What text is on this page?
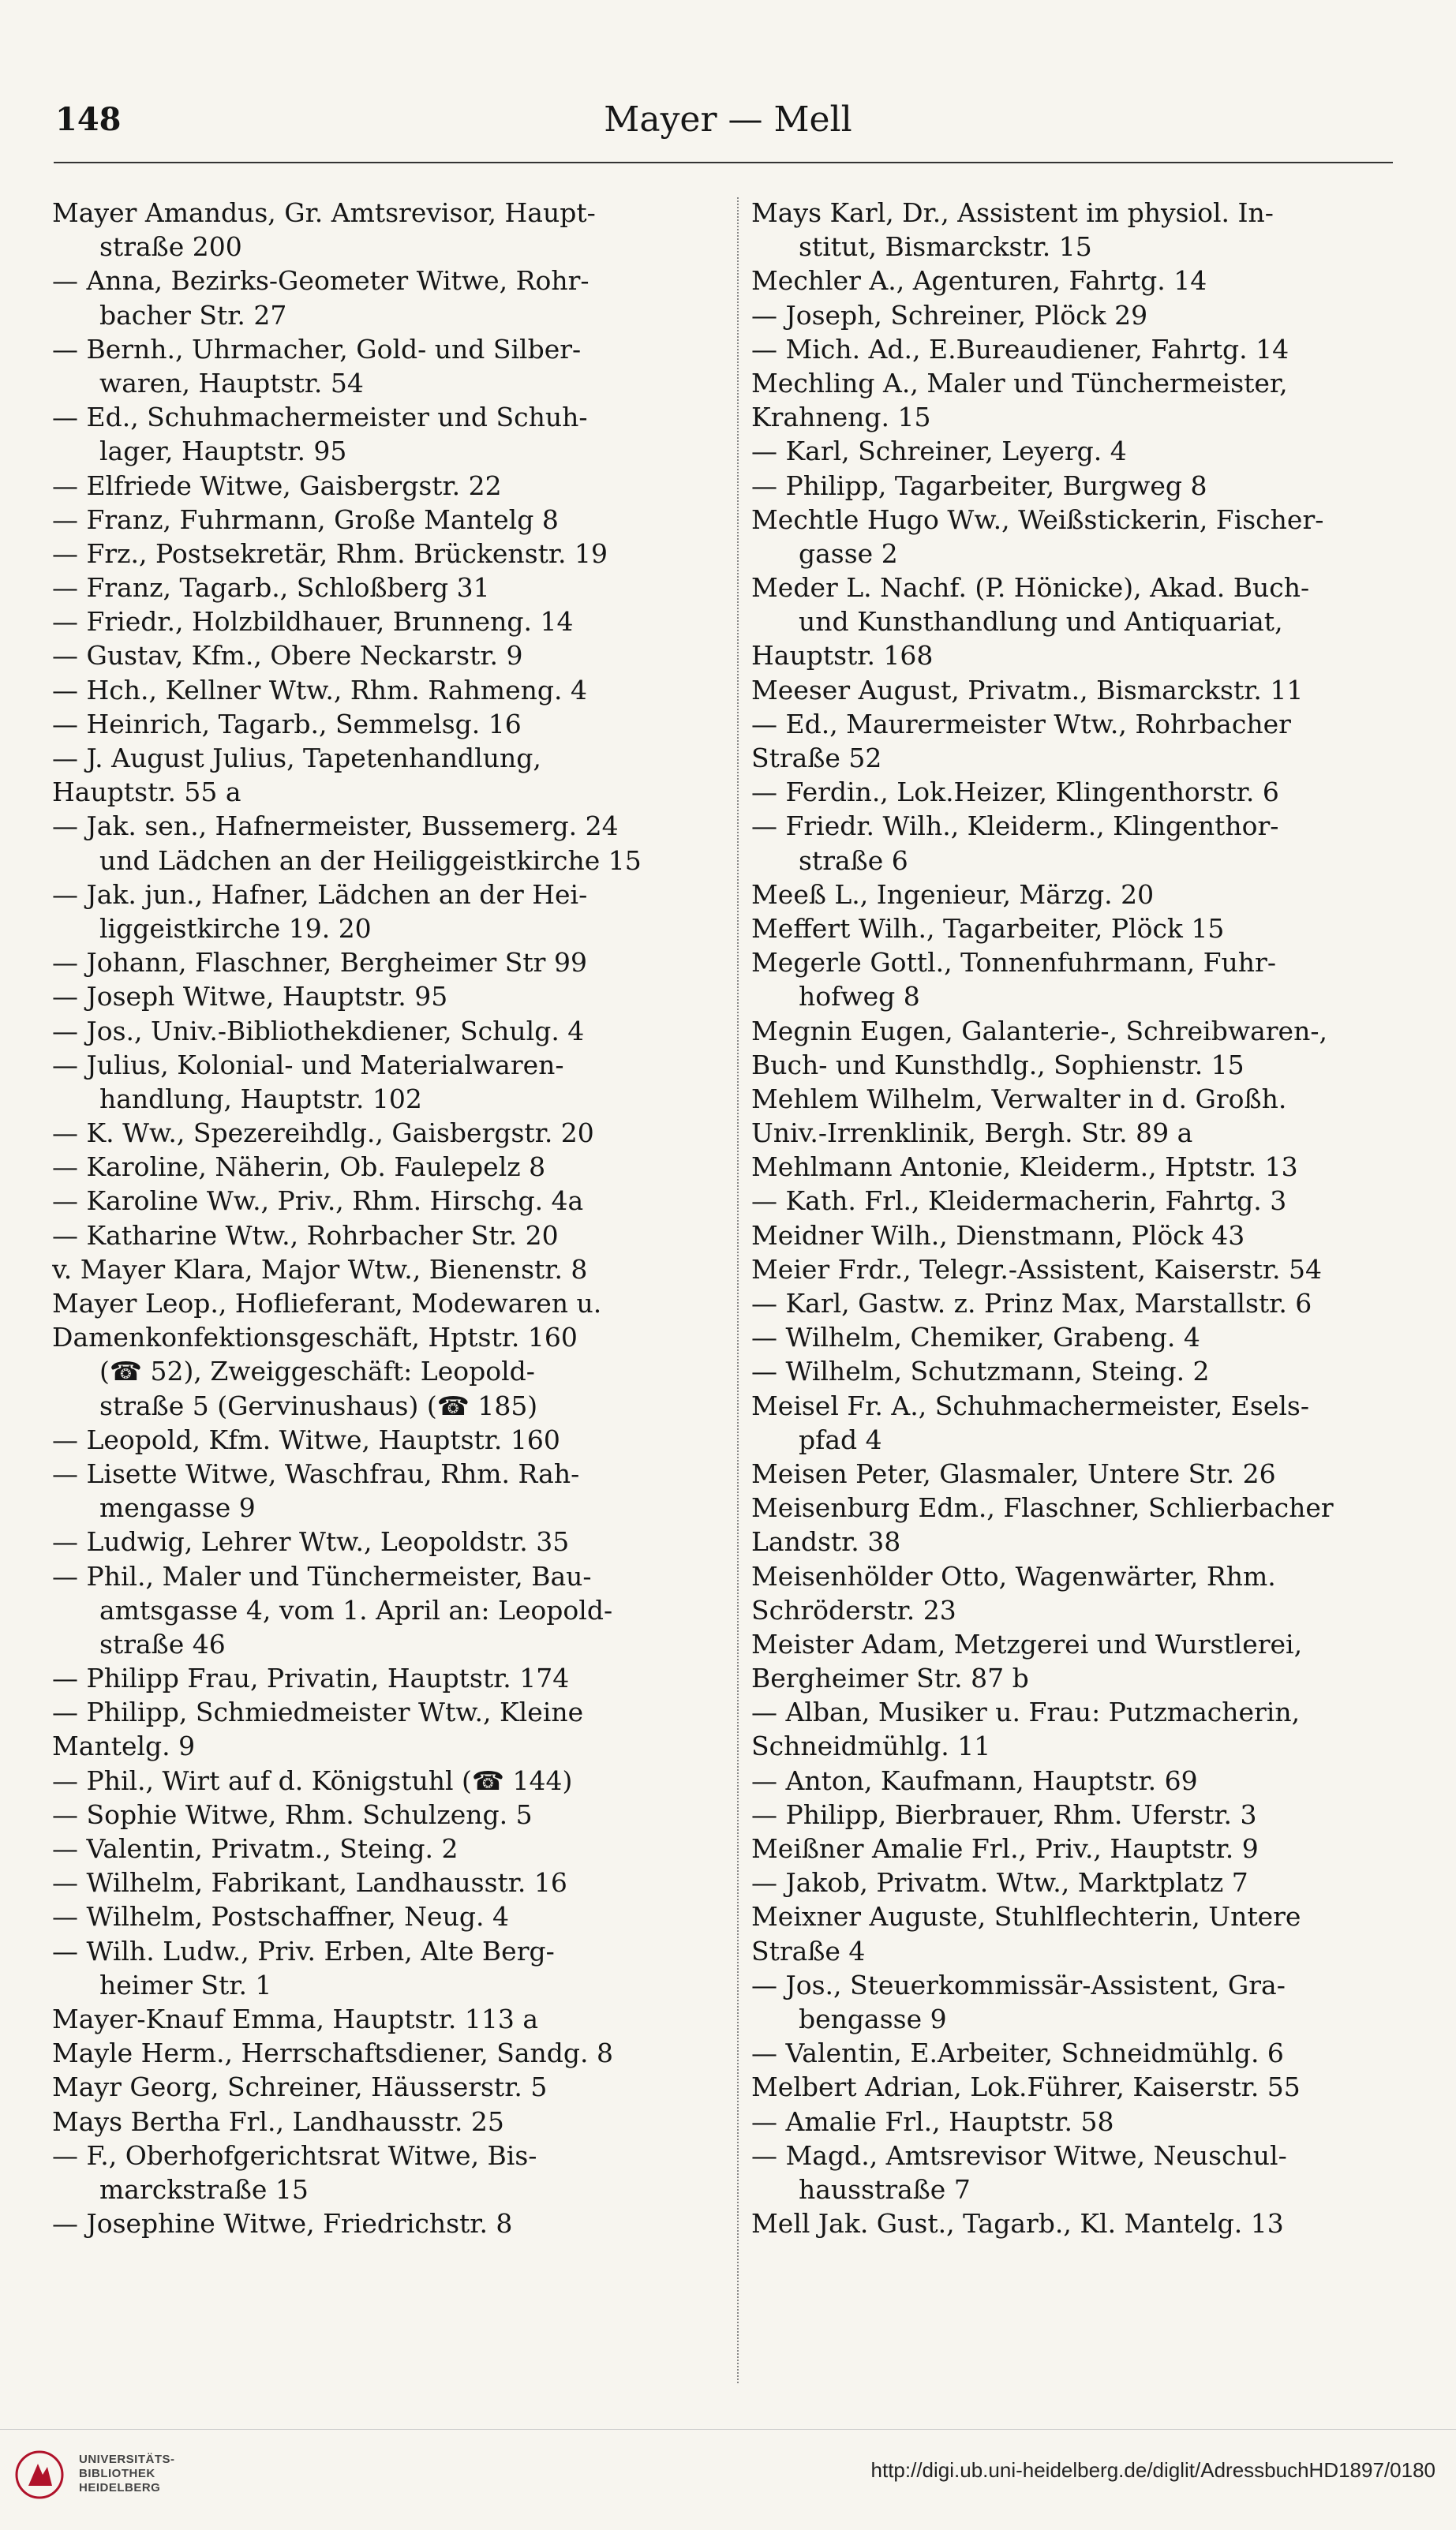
148	Mayer — Mell
Mayer Amandus, Gr. Amtsrevisor, Haupt-
straße 200
— Anna, Bezirks-Geometer Witwe, Rohr-
bacher Str. 27
— Bernh., Uhrmacher, Gold- und Silber-
waren, Hauptstr. 54
— Ed., Schuhmachermeister und Schuh-
lager, Hauptstr. 95
— Elfriede Witwe, Gaisbergstr. 22
— Franz, Fuhrmann, Große Mantelg 8
— Frz., Postsekretär, Rhm. Brückenstr. 19
— Franz, Tagarb., Schloßberg 31
— Friedr., Holzbildhauer, Brunneng. 14
— Gustav, Kfm., Obere Neckarstr. 9
— Hch., Kellner Wtw., Rhm. Rahmeng. 4
— Heinrich, Tagarb., Semmelsg. 16
— J. August Julius, Tapetenhandlung,
Hauptstr. 55 a
— Jak. sen., Hafnermeister, Bussemerg. 24
und Lädchen an der Heiliggeistkirche 15
— Jak. jun., Hafner, Lädchen an der Hei-
liggeistkirche 19. 20
— Johann, Flaschner, Bergheimer Str 99
— Joseph Witwe, Hauptstr. 95
— Jos., Univ.-Bibliothekdiener, Schulg. 4
— Julius, Kolonial- und Materialwaren-
handlung, Hauptstr. 102
— K. Ww., Spezereihdlg., Gaisbergstr. 20
— Karoline, Näherin, Ob. Faulepelz 8
— Karoline Ww., Priv., Rhm. Hirschg. 4a
— Katharine Wtw., Rohrbacher Str. 20
v. Mayer Klara, Major Wtw., Bienenstr. 8
Mayer Leop., Hoflieferant, Modewaren u.
Damenkonfektionsgeschäft, Hptstr. 160
(☎ 52), Zweiggeschäft: Leopold-
straße 5 (Gervinushaus) (☎ 185)
— Leopold, Kfm. Witwe, Hauptstr. 160
— Lisette Witwe, Waschfrau, Rhm. Rah-
mengasse 9
— Ludwig, Lehrer Wtw., Leopoldstr. 35
— Phil., Maler und Tünchermeister, Bau-
amtsgasse 4, vom 1. April an: Leopold-
straße 46
— Philipp Frau, Privatin, Hauptstr. 174
— Philipp, Schmiedmeister Wtw., Kleine
Mantelg. 9
— Phil., Wirt auf d. Königstuhl (☎ 144)
— Sophie Witwe, Rhm. Schulzeng. 5
— Valentin, Privatm., Steing. 2
— Wilhelm, Fabrikant, Landhausstr. 16
— Wilhelm, Postschaffner, Neug. 4
— Wilh. Ludw., Priv. Erben, Alte Berg-
heimer Str. 1
Mayer-Knauf Emma, Hauptstr. 113 a
Mayle Herm., Herrschaftsdiener, Sandg. 8
Mayr Georg, Schreiner, Häusserstr. 5
Mays Bertha Frl., Landhausstr. 25
— F., Oberhofgerichtsrat Witwe, Bis-
marckstraße 15
— Josephine Witwe, Friedrichstr. 8
Mays Karl, Dr., Assistent im physiol. In-
stitut, Bismarckstr. 15
Mechler A., Agenturen, Fahrtg. 14
— Joseph, Schreiner, Plöck 29
— Mich. Ad., E.Bureaudiener, Fahrtg. 14
Mechling A., Maler und Tünchermeister,
Krahneng. 15
— Karl, Schreiner, Leyerg. 4
— Philipp, Tagarbeiter, Burgweg 8
Mechtle Hugo Ww., Weißstickerin, Fischer-
gasse 2
Meder L. Nachf. (P. Hönicke), Akad. Buch-
und Kunsthandlung und Antiquariat,
Hauptstr. 168
Meeser August, Privatm., Bismarckstr. 11
— Ed., Maurermeister Wtw., Rohrbacher
Straße 52
— Ferdin., Lok.Heizer, Klingenthorstr. 6
— Friedr. Wilh., Kleiderm., Klingenthor-
straße 6
Meeß L., Ingenieur, Märzg. 20
Meffert Wilh., Tagarbeiter, Plöck 15
Megerle Gottl., Tonnenfuhrmann, Fuhr-
hofweg 8
Megnin Eugen, Galanterie-, Schreibwaren-,
Buch- und Kunsthdlg., Sophienstr. 15
Mehlem Wilhelm, Verwalter in d. Großh.
Univ.-Irrenklinik, Bergh. Str. 89 a
Mehlmann Antonie, Kleiderm., Hptstr. 13
— Kath. Frl., Kleidermacherin, Fahrtg. 3
Meidner Wilh., Dienstmann, Plöck 43
Meier Frdr., Telegr.-Assistent, Kaiserstr. 54
— Karl, Gastw. z. Prinz Max, Marstallstr. 6
— Wilhelm, Chemiker, Grabeng. 4
— Wilhelm, Schutzmann, Steing. 2
Meisel Fr. A., Schuhmachermeister, Esels-
pfad 4
Meisen Peter, Glasmaler, Untere Str. 26
Meisenburg Edm., Flaschner, Schlierbacher
Landstr. 38
Meisenhölder Otto, Wagenwärter, Rhm.
Schröderstr. 23
Meister Adam, Metzgerei und Wurstlerei,
Bergheimer Str. 87 b
— Alban, Musiker u. Frau: Putzmacherin,
Schneidmühlg. 11
— Anton, Kaufmann, Hauptstr. 69
— Philipp, Bierbrauer, Rhm. Uferstr. 3
Meißner Amalie Frl., Priv., Hauptstr. 9
— Jakob, Privatm. Wtw., Marktplatz 7
Meixner Auguste, Stuhlflechterin, Untere
Straße 4
— Jos., Steuerkommissär-Assistent, Gra-
bengasse 9
— Valentin, E.Arbeiter, Schneidmühlg. 6
Melbert Adrian, Lok.Führer, Kaiserstr. 55
— Amalie Frl., Hauptstr. 58
— Magd., Amtsrevisor Witwe, Neuschul-
hausstraße 7
Mell Jak. Gust., Tagarb., Kl. Mantelg. 13
UNIVERSITÄTS-
BIBLIOTHEK
HEIDELBERG
http://digi.ub.uni-heidelberg.de/diglit/AdressbuchHD1897/0180
